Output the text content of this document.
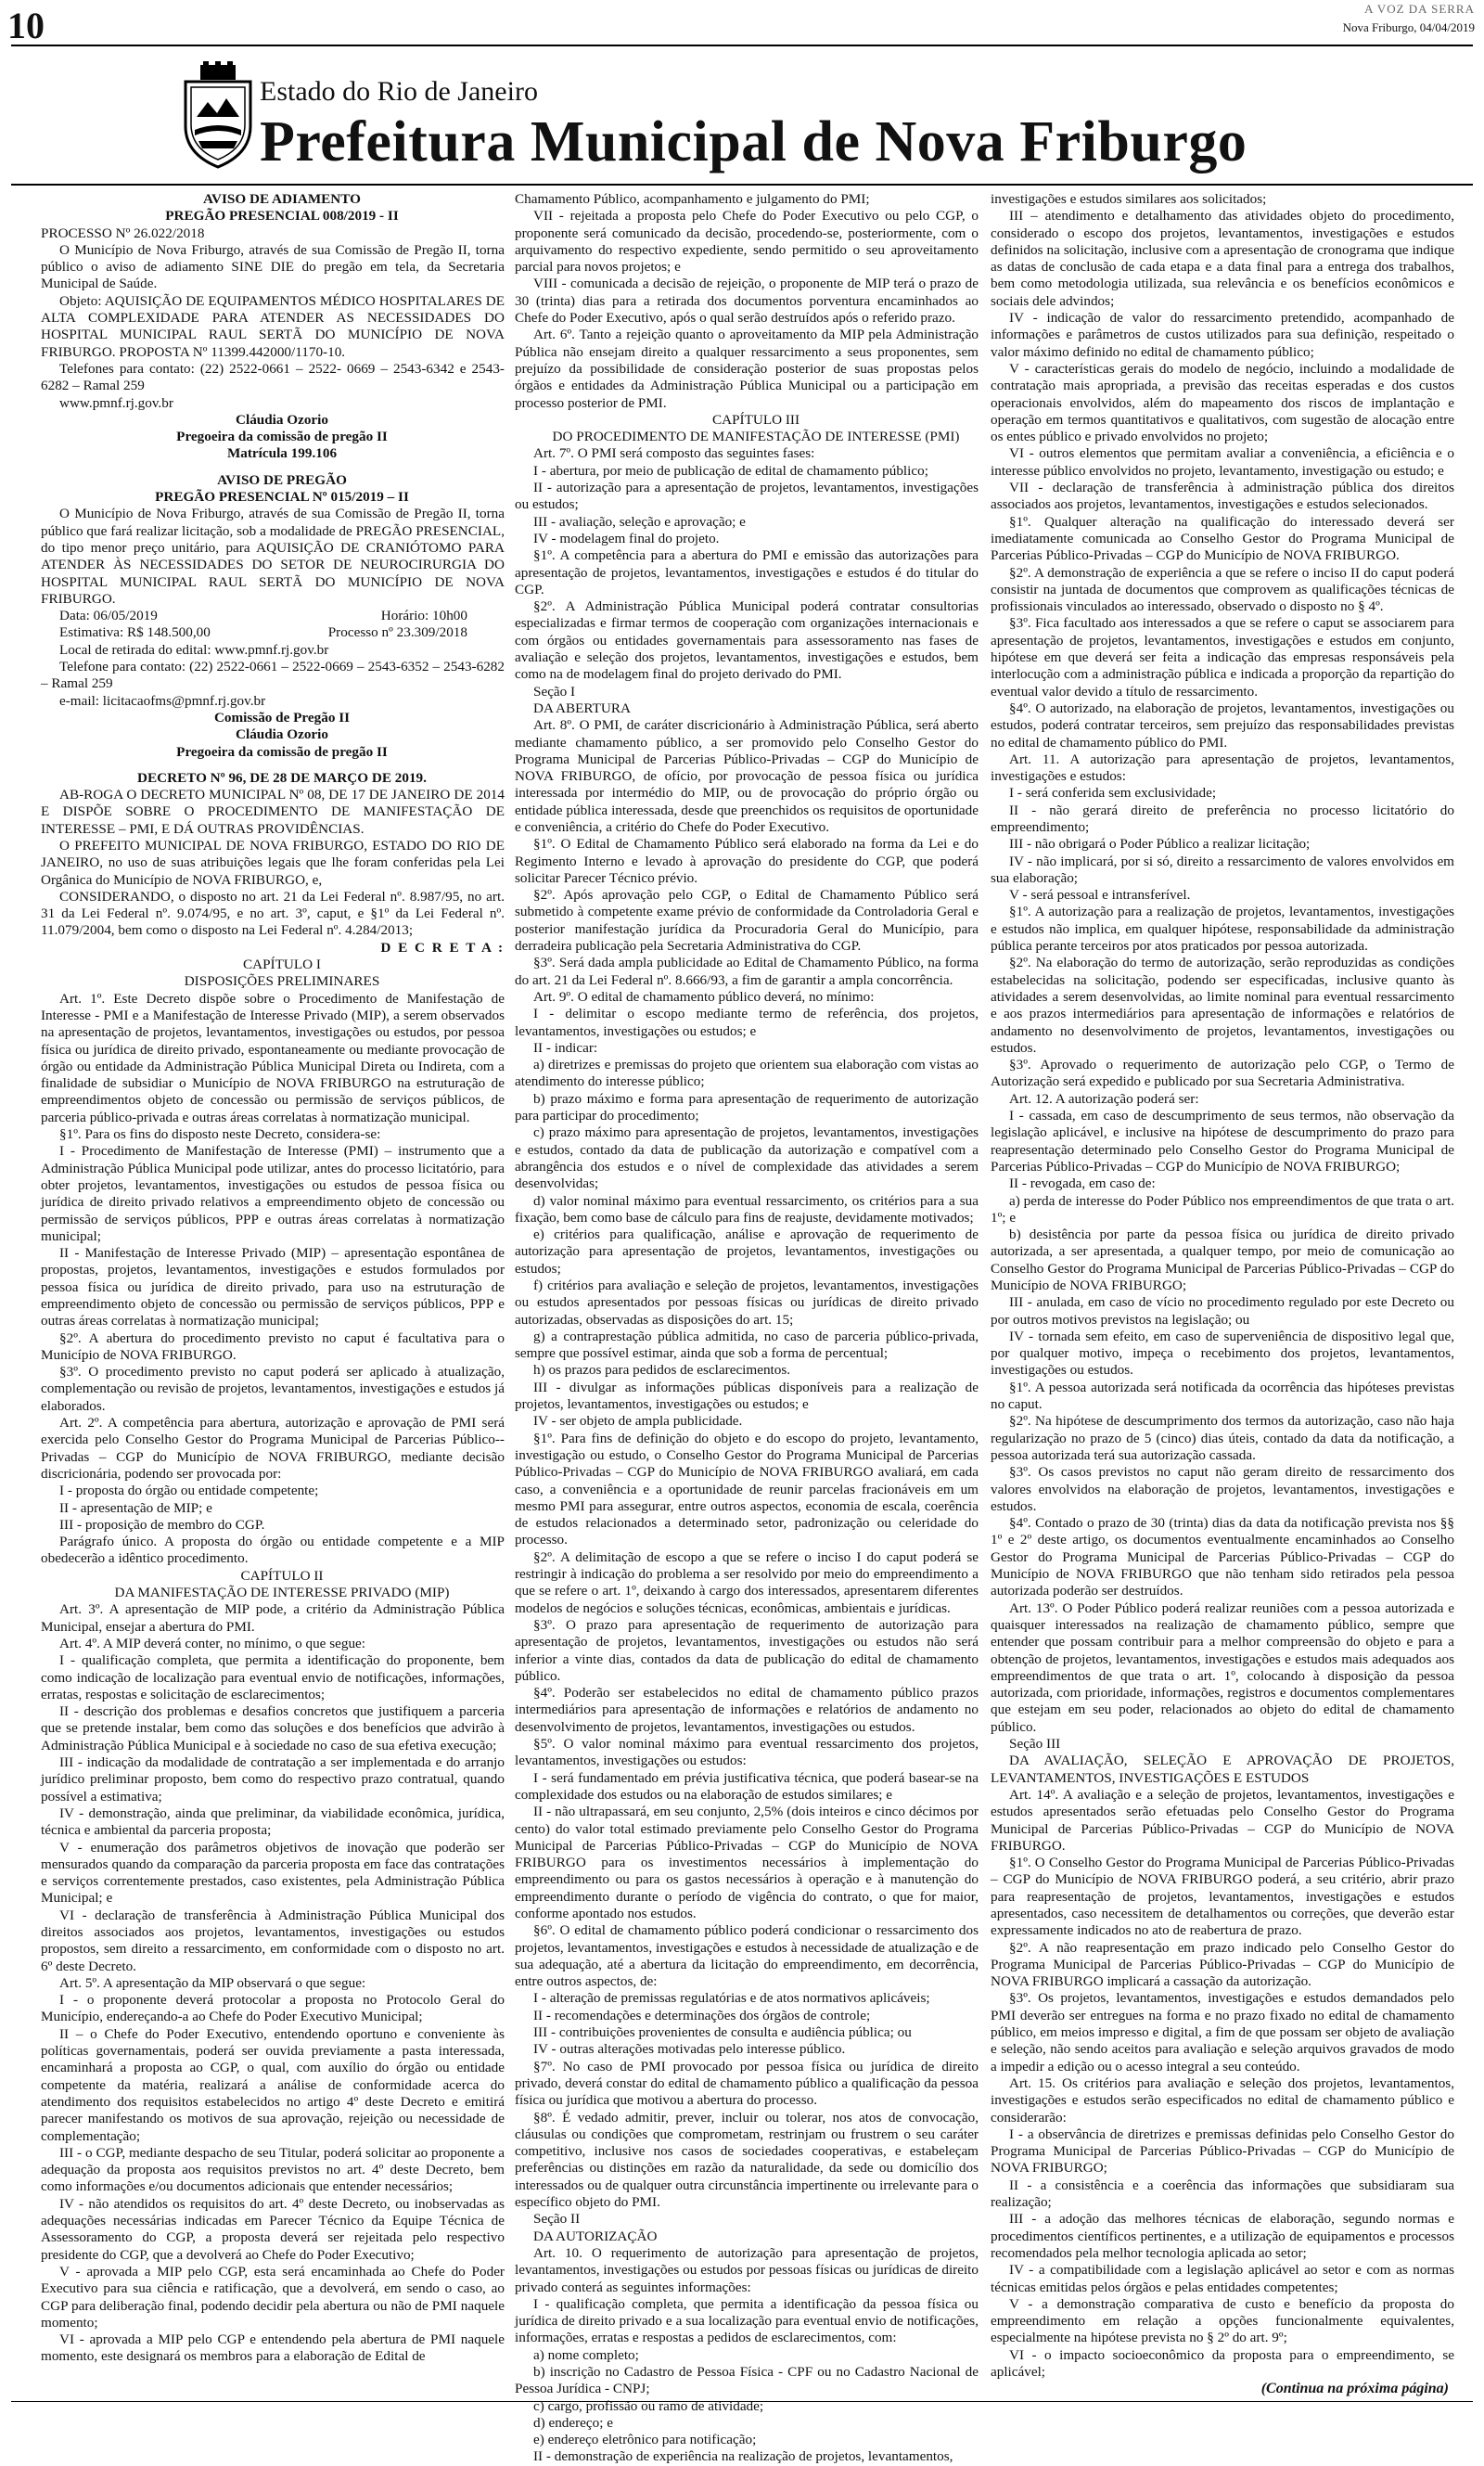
10	A VOZ DA SERRA
Nova Friburgo, 04/04/2019
Estado do Rio de Janeiro
Prefeitura Municipal de Nova Friburgo

AVISO DE ADIAMENTO

PREGÃO PRESENCIAL 008/2019 - II

PROCESSO Nº 26.022/2018

O Município de Nova Friburgo, através de sua Comissão de Pregão II, torna público o aviso de adiamento SINE DIE do pregão em tela, da Secretaria Municipal de Saúde.

Objeto: AQUISIÇÃO DE EQUIPAMENTOS MÉDICO HOSPITALARES DE ALTA COMPLEXIDADE PARA ATENDER AS NECESSIDADES DO HOSPITAL MUNICIPAL RAUL SERTÃ DO MUNICÍPIO DE NOVA FRIBURGO. PROPOSTA Nº 11399.442000/1170-10.

Telefones para contato: (22) 2522-0661 – 2522- 0669 – 2543-6342 e 2543-6282 – Ramal 259

www.pmnf.rj.gov.br

Cláudia Ozorio

Pregoeira da comissão de pregão II

Matrícula 199.106

AVISO DE PREGÃO

PREGÃO PRESENCIAL Nº 015/2019 – II

O Município de Nova Friburgo, através de sua Comissão de Pregão II, torna público que fará realizar licitação, sob a modalidade de PREGÃO PRESENCIAL, do tipo menor preço unitário, para AQUISIÇÃO DE CRANIÓTOMO PARA ATENDER ÀS NECESSIDADES DO SETOR DE NEUROCIRURGIA DO HOSPITAL MUNICIPAL RAUL SERTÃ DO MUNICÍPIO DE NOVA FRIBURGO.

Data: 06/05/2019	Horário: 10h00
Estimativa: R$ 148.500,00	Processo nº 23.309/2018

Local de retirada do edital: www.pmnf.rj.gov.br

Telefone para contato: (22) 2522-0661 – 2522-0669 – 2543-6352 – 2543-6282 – Ramal 259

e-mail: licitacaofms@pmnf.rj.gov.br

Comissão de Pregão II

Cláudia Ozorio

Pregoeira da comissão de pregão II

DECRETO Nº 96, DE 28 DE MARÇO DE 2019.

AB-ROGA O DECRETO MUNICIPAL Nº 08, DE 17 DE JANEIRO DE 2014 E DISPÕE SOBRE O PROCEDIMENTO DE MANIFESTAÇÃO DE INTERESSE – PMI, E DÁ OUTRAS PROVIDÊNCIAS.

O PREFEITO MUNICIPAL DE NOVA FRIBURGO, ESTADO DO RIO DE JANEIRO, no uso de suas atribuições legais que lhe foram conferidas pela Lei Orgânica do Município de NOVA FRIBURGO, e,

CONSIDERANDO, o disposto no art. 21 da Lei Federal nº. 8.987/95, no art. 31 da Lei Federal nº. 9.074/95, e no art. 3º, caput, e §1º da Lei Federal nº. 11.079/2004, bem como o disposto na Lei Federal nº. 4.284/2013;

D E C R E T A :

CAPÍTULO I

DISPOSIÇÕES PRELIMINARES

Art. 1º. Este Decreto dispõe sobre o Procedimento de Manifestação de Interesse - PMI e a Manifestação de Interesse Privado (MIP), a serem observados na apresentação de projetos, levantamentos, investigações ou estudos, por pessoa física ou jurídica de direito privado, espontaneamente ou mediante provocação de órgão ou entidade da Administração Pública Municipal Direta ou Indireta, com a finalidade de subsidiar o Município de NOVA FRIBURGO na estruturação de empreendimentos objeto de concessão ou permissão de serviços públicos, de parceria público-privada e outras áreas correlatas à normatização municipal.

§1º. Para os fins do disposto neste Decreto, considera-se:

I - Procedimento de Manifestação de Interesse (PMI) – instrumento que a Administração Pública Municipal pode utilizar, antes do processo licitatório, para obter projetos, levantamentos, investigações ou estudos de pessoa física ou jurídica de direito privado relativos a empreendimento objeto de concessão ou permissão de serviços públicos, PPP e outras áreas correlatas à normatização municipal;

II - Manifestação de Interesse Privado (MIP) – apresentação espontânea de propostas, projetos, levantamentos, investigações e estudos formulados por pessoa física ou jurídica de direito privado, para uso na estruturação de empreendimento objeto de concessão ou permissão de serviços públicos, PPP e outras áreas correlatas à normatização municipal;

§2º. A abertura do procedimento previsto no caput é facultativa para o Município de NOVA FRIBURGO.

§3º. O procedimento previsto no caput poderá ser aplicado à atualização, complementação ou revisão de projetos, levantamentos, investigações e estudos já elaborados.

Art. 2º. A competência para abertura, autorização e aprovação de PMI será exercida pelo Conselho Gestor do Programa Municipal de Parcerias Público--Privadas – CGP do Município de NOVA FRIBURGO, mediante decisão discricionária, podendo ser provocada por:

I - proposta do órgão ou entidade competente;

II - apresentação de MIP; e

III - proposição de membro do CGP.

Parágrafo único. A proposta do órgão ou entidade competente e a MIP obedecerão a idêntico procedimento.

CAPÍTULO II

DA MANIFESTAÇÃO DE INTERESSE PRIVADO (MIP)

Art. 3º. A apresentação de MIP pode, a critério da Administração Pública Municipal, ensejar a abertura do PMI.

Art. 4º. A MIP deverá conter, no mínimo, o que segue:

I - qualificação completa, que permita a identificação do proponente, bem como indicação de localização para eventual envio de notificações, informações, erratas, respostas e solicitação de esclarecimentos;

II - descrição dos problemas e desafios concretos que justifiquem a parceria que se pretende instalar, bem como das soluções e dos benefícios que advirão à Administração Pública Municipal e à sociedade no caso de sua efetiva execução;

III - indicação da modalidade de contratação a ser implementada e do arranjo jurídico preliminar proposto, bem como do respectivo prazo contratual, quando possível a estimativa;

IV - demonstração, ainda que preliminar, da viabilidade econômica, jurídica, técnica e ambiental da parceria proposta;

V - enumeração dos parâmetros objetivos de inovação que poderão ser mensurados quando da comparação da parceria proposta em face das contratações e serviços correntemente prestados, caso existentes, pela Administração Pública Municipal; e

VI - declaração de transferência à Administração Pública Municipal dos direitos associados aos projetos, levantamentos, investigações ou estudos propostos, sem direito a ressarcimento, em conformidade com o disposto no art. 6º deste Decreto.

Art. 5º. A apresentação da MIP observará o que segue:

I - o proponente deverá protocolar a proposta no Protocolo Geral do Município, endereçando-a ao Chefe do Poder Executivo Municipal;

II – o Chefe do Poder Executivo, entendendo oportuno e conveniente às políticas governamentais, poderá ser ouvida previamente a pasta interessada, encaminhará a proposta ao CGP, o qual, com auxílio do órgão ou entidade competente da matéria, realizará a análise de conformidade acerca do atendimento dos requisitos estabelecidos no artigo 4º deste Decreto e emitirá parecer manifestando os motivos de sua aprovação, rejeição ou necessidade de complementação;

III - o CGP, mediante despacho de seu Titular, poderá solicitar ao proponente a adequação da proposta aos requisitos previstos no art. 4º deste Decreto, bem como informações e/ou documentos adicionais que entender necessários;

IV - não atendidos os requisitos do art. 4º deste Decreto, ou inobservadas as adequações necessárias indicadas em Parecer Técnico da Equipe Técnica de Assessoramento do CGP, a proposta deverá ser rejeitada pelo respectivo presidente do CGP, que a devolverá ao Chefe do Poder Executivo;

V - aprovada a MIP pelo CGP, esta será encaminhada ao Chefe do Poder Executivo para sua ciência e ratificação, que a devolverá, em sendo o caso, ao CGP para deliberação final, podendo decidir pela abertura ou não de PMI naquele momento;

VI - aprovada a MIP pelo CGP e entendendo pela abertura de PMI naquele momento, este designará os membros para a elaboração de Edital de

Chamamento Público, acompanhamento e julgamento do PMI;

VII - rejeitada a proposta pelo Chefe do Poder Executivo ou pelo CGP, o proponente será comunicado da decisão, procedendo-se, posteriormente, com o arquivamento do respectivo expediente, sendo permitido o seu aproveitamento parcial para novos projetos; e

VIII - comunicada a decisão de rejeição, o proponente de MIP terá o prazo de 30 (trinta) dias para a retirada dos documentos porventura encaminhados ao Chefe do Poder Executivo, após o qual serão destruídos após o referido prazo.

Art. 6º. Tanto a rejeição quanto o aproveitamento da MIP pela Administração Pública não ensejam direito a qualquer ressarcimento a seus proponentes, sem prejuízo da possibilidade de consideração posterior de suas propostas pelos órgãos e entidades da Administração Pública Municipal ou a participação em processo posterior de PMI.

CAPÍTULO III

DO PROCEDIMENTO DE MANIFESTAÇÃO DE INTERESSE (PMI)

Art. 7º. O PMI será composto das seguintes fases:

I - abertura, por meio de publicação de edital de chamamento público;

II - autorização para a apresentação de projetos, levantamentos, investigações ou estudos;

III - avaliação, seleção e aprovação; e

IV - modelagem final do projeto.

§1º. A competência para a abertura do PMI e emissão das autorizações para apresentação de projetos, levantamentos, investigações e estudos é do titular do CGP.

§2º. A Administração Pública Municipal poderá contratar consultorias especializadas e firmar termos de cooperação com organizações internacionais e com órgãos ou entidades governamentais para assessoramento nas fases de avaliação e seleção dos projetos, levantamentos, investigações e estudos, bem como na de modelagem final do projeto derivado do PMI.

Seção I

DA ABERTURA

Art. 8º. O PMI, de caráter discricionário à Administração Pública, será aberto mediante chamamento público, a ser promovido pelo Conselho Gestor do Programa Municipal de Parcerias Público-Privadas – CGP do Município de NOVA FRIBURGO, de ofício, por provocação de pessoa física ou jurídica interessada por intermédio do MIP, ou de provocação do próprio órgão ou entidade pública interessada, desde que preenchidos os requisitos de oportunidade e conveniência, a critério do Chefe do Poder Executivo.

§1º. O Edital de Chamamento Público será elaborado na forma da Lei e do Regimento Interno e levado à aprovação do presidente do CGP, que poderá solicitar Parecer Técnico prévio.

§2º. Após aprovação pelo CGP, o Edital de Chamamento Público será submetido à competente exame prévio de conformidade da Controladoria Geral e posterior manifestação jurídica da Procuradoria Geral do Município, para derradeira publicação pela Secretaria Administrativa do CGP.

§3º. Será dada ampla publicidade ao Edital de Chamamento Público, na forma do art. 21 da Lei Federal nº. 8.666/93, a fim de garantir a ampla concorrência.

Art. 9º. O edital de chamamento público deverá, no mínimo:

I - delimitar o escopo mediante termo de referência, dos projetos, levantamentos, investigações ou estudos; e

II - indicar:

a) diretrizes e premissas do projeto que orientem sua elaboração com vistas ao atendimento do interesse público;

b) prazo máximo e forma para apresentação de requerimento de autorização para participar do procedimento;

c) prazo máximo para apresentação de projetos, levantamentos, investigações e estudos, contado da data de publicação da autorização e compatível com a abrangência dos estudos e o nível de complexidade das atividades a serem desenvolvidas;

d) valor nominal máximo para eventual ressarcimento, os critérios para a sua fixação, bem como base de cálculo para fins de reajuste, devidamente motivados;

e) critérios para qualificação, análise e aprovação de requerimento de autorização para apresentação de projetos, levantamentos, investigações ou estudos;

f) critérios para avaliação e seleção de projetos, levantamentos, investigações ou estudos apresentados por pessoas físicas ou jurídicas de direito privado autorizadas, observadas as disposições do art. 15;

g) a contraprestação pública admitida, no caso de parceria público-privada, sempre que possível estimar, ainda que sob a forma de percentual;

h) os prazos para pedidos de esclarecimentos.

III - divulgar as informações públicas disponíveis para a realização de projetos, levantamentos, investigações ou estudos; e

IV - ser objeto de ampla publicidade.

§1º. Para fins de definição do objeto e do escopo do projeto, levantamento, investigação ou estudo, o Conselho Gestor do Programa Municipal de Parcerias Público-Privadas – CGP do Município de NOVA FRIBURGO avaliará, em cada caso, a conveniência e a oportunidade de reunir parcelas fracionáveis em um mesmo PMI para assegurar, entre outros aspectos, economia de escala, coerência de estudos relacionados a determinado setor, padronização ou celeridade do processo.

§2º. A delimitação de escopo a que se refere o inciso I do caput poderá se restringir à indicação do problema a ser resolvido por meio do empreendimento a que se refere o art. 1º, deixando à cargo dos interessados, apresentarem diferentes modelos de negócios e soluções técnicas, econômicas, ambientais e jurídicas.

§3º. O prazo para apresentação de requerimento de autorização para apresentação de projetos, levantamentos, investigações ou estudos não será inferior a vinte dias, contados da data de publicação do edital de chamamento público.

§4º. Poderão ser estabelecidos no edital de chamamento público prazos intermediários para apresentação de informações e relatórios de andamento no desenvolvimento de projetos, levantamentos, investigações ou estudos.

§5º. O valor nominal máximo para eventual ressarcimento dos projetos, levantamentos, investigações ou estudos:

I - será fundamentado em prévia justificativa técnica, que poderá basear-se na complexidade dos estudos ou na elaboração de estudos similares; e

II - não ultrapassará, em seu conjunto, 2,5% (dois inteiros e cinco décimos por cento) do valor total estimado previamente pelo Conselho Gestor do Programa Municipal de Parcerias Público-Privadas – CGP do Município de NOVA FRIBURGO para os investimentos necessários à implementação do empreendimento ou para os gastos necessários à operação e à manutenção do empreendimento durante o período de vigência do contrato, o que for maior, conforme apontado nos estudos.

§6º. O edital de chamamento público poderá condicionar o ressarcimento dos projetos, levantamentos, investigações e estudos à necessidade de atualização e de sua adequação, até a abertura da licitação do empreendimento, em decorrência, entre outros aspectos, de:

I - alteração de premissas regulatórias e de atos normativos aplicáveis;

II - recomendações e determinações dos órgãos de controle;

III - contribuições provenientes de consulta e audiência pública; ou

IV - outras alterações motivadas pelo interesse público.

§7º. No caso de PMI provocado por pessoa física ou jurídica de direito privado, deverá constar do edital de chamamento público a qualificação da pessoa física ou jurídica que motivou a abertura do processo.

§8º. É vedado admitir, prever, incluir ou tolerar, nos atos de convocação, cláusulas ou condições que comprometam, restrinjam ou frustrem o seu caráter competitivo, inclusive nos casos de sociedades cooperativas, e estabeleçam preferências ou distinções em razão da naturalidade, da sede ou domicílio dos interessados ou de qualquer outra circunstância impertinente ou irrelevante para o específico objeto do PMI.

Seção II

DA AUTORIZAÇÃO

Art. 10. O requerimento de autorização para apresentação de projetos, levantamentos, investigações ou estudos por pessoas físicas ou jurídicas de direito privado conterá as seguintes informações:

I - qualificação completa, que permita a identificação da pessoa física ou jurídica de direito privado e a sua localização para eventual envio de notificações, informações, erratas e respostas a pedidos de esclarecimentos, com:

a) nome completo;

b) inscrição no Cadastro de Pessoa Física - CPF ou no Cadastro Nacional de Pessoa Jurídica - CNPJ;

c) cargo, profissão ou ramo de atividade;

d) endereço; e

e) endereço eletrônico para notificação;

II - demonstração de experiência na realização de projetos, levantamentos,

investigações e estudos similares aos solicitados;

III – atendimento e detalhamento das atividades objeto do procedimento, considerado o escopo dos projetos, levantamentos, investigações e estudos definidos na solicitação, inclusive com a apresentação de cronograma que indique as datas de conclusão de cada etapa e a data final para a entrega dos trabalhos, bem como metodologia utilizada, sua relevância e os benefícios econômicos e sociais dele advindos;

IV - indicação de valor do ressarcimento pretendido, acompanhado de informações e parâmetros de custos utilizados para sua definição, respeitado o valor máximo definido no edital de chamamento público;

V - características gerais do modelo de negócio, incluindo a modalidade de contratação mais apropriada, a previsão das receitas esperadas e dos custos operacionais envolvidos, além do mapeamento dos riscos de implantação e operação em termos quantitativos e qualitativos, com sugestão de alocação entre os entes público e privado envolvidos no projeto;

VI - outros elementos que permitam avaliar a conveniência, a eficiência e o interesse público envolvidos no projeto, levantamento, investigação ou estudo; e

VII - declaração de transferência à administração pública dos direitos associados aos projetos, levantamentos, investigações e estudos selecionados.

§1º. Qualquer alteração na qualificação do interessado deverá ser imediatamente comunicada ao Conselho Gestor do Programa Municipal de Parcerias Público-Privadas – CGP do Município de NOVA FRIBURGO.

§2º. A demonstração de experiência a que se refere o inciso II do caput poderá consistir na juntada de documentos que comprovem as qualificações técnicas de profissionais vinculados ao interessado, observado o disposto no § 4º.

§3º. Fica facultado aos interessados a que se refere o caput se associarem para apresentação de projetos, levantamentos, investigações e estudos em conjunto, hipótese em que deverá ser feita a indicação das empresas responsáveis pela interlocução com a administração pública e indicada a proporção da repartição do eventual valor devido a título de ressarcimento.

§4º. O autorizado, na elaboração de projetos, levantamentos, investigações ou estudos, poderá contratar terceiros, sem prejuízo das responsabilidades previstas no edital de chamamento público do PMI.

Art. 11. A autorização para apresentação de projetos, levantamentos, investigações e estudos:

I - será conferida sem exclusividade;

II - não gerará direito de preferência no processo licitatório do empreendimento;

III - não obrigará o Poder Público a realizar licitação;

IV - não implicará, por si só, direito a ressarcimento de valores envolvidos em sua elaboração;

V - será pessoal e intransferível.

§1º. A autorização para a realização de projetos, levantamentos, investigações e estudos não implica, em qualquer hipótese, responsabilidade da administração pública perante terceiros por atos praticados por pessoa autorizada.

§2º. Na elaboração do termo de autorização, serão reproduzidas as condições estabelecidas na solicitação, podendo ser especificadas, inclusive quanto às atividades a serem desenvolvidas, ao limite nominal para eventual ressarcimento e aos prazos intermediários para apresentação de informações e relatórios de andamento no desenvolvimento de projetos, levantamentos, investigações ou estudos.

§3º. Aprovado o requerimento de autorização pelo CGP, o Termo de Autorização será expedido e publicado por sua Secretaria Administrativa.

Art. 12. A autorização poderá ser:

I - cassada, em caso de descumprimento de seus termos, não observação da legislação aplicável, e inclusive na hipótese de descumprimento do prazo para reapresentação determinado pelo Conselho Gestor do Programa Municipal de Parcerias Público-Privadas – CGP do Município de NOVA FRIBURGO;

II - revogada, em caso de:

a) perda de interesse do Poder Público nos empreendimentos de que trata o art. 1º; e

b) desistência por parte da pessoa física ou jurídica de direito privado autorizada, a ser apresentada, a qualquer tempo, por meio de comunicação ao Conselho Gestor do Programa Municipal de Parcerias Público-Privadas – CGP do Município de NOVA FRIBURGO;

III - anulada, em caso de vício no procedimento regulado por este Decreto ou por outros motivos previstos na legislação; ou

IV - tornada sem efeito, em caso de superveniência de dispositivo legal que, por qualquer motivo, impeça o recebimento dos projetos, levantamentos, investigações ou estudos.

§1º. A pessoa autorizada será notificada da ocorrência das hipóteses previstas no caput.

§2º. Na hipótese de descumprimento dos termos da autorização, caso não haja regularização no prazo de 5 (cinco) dias úteis, contado da data da notificação, a pessoa autorizada terá sua autorização cassada.

§3º. Os casos previstos no caput não geram direito de ressarcimento dos valores envolvidos na elaboração de projetos, levantamentos, investigações e estudos.

§4º. Contado o prazo de 30 (trinta) dias da data da notificação prevista nos §§ 1º e 2º deste artigo, os documentos eventualmente encaminhados ao Conselho Gestor do Programa Municipal de Parcerias Público-Privadas – CGP do Município de NOVA FRIBURGO que não tenham sido retirados pela pessoa autorizada poderão ser destruídos.

Art. 13º. O Poder Público poderá realizar reuniões com a pessoa autorizada e quaisquer interessados na realização de chamamento público, sempre que entender que possam contribuir para a melhor compreensão do objeto e para a obtenção de projetos, levantamentos, investigações e estudos mais adequados aos empreendimentos de que trata o art. 1º, colocando à disposição da pessoa autorizada, com prioridade, informações, registros e documentos complementares que estejam em seu poder, relacionados ao objeto do edital de chamamento público.

Seção III

DA AVALIAÇÃO, SELEÇÃO E APROVAÇÃO DE PROJETOS, LEVANTAMENTOS, INVESTIGAÇÕES E ESTUDOS

Art. 14º. A avaliação e a seleção de projetos, levantamentos, investigações e estudos apresentados serão efetuadas pelo Conselho Gestor do Programa Municipal de Parcerias Público-Privadas – CGP do Município de NOVA FRIBURGO.

§1º. O Conselho Gestor do Programa Municipal de Parcerias Público-Privadas – CGP do Município de NOVA FRIBURGO poderá, a seu critério, abrir prazo para reapresentação de projetos, levantamentos, investigações e estudos apresentados, caso necessitem de detalhamentos ou correções, que deverão estar expressamente indicados no ato de reabertura de prazo.

§2º. A não reapresentação em prazo indicado pelo Conselho Gestor do Programa Municipal de Parcerias Público-Privadas – CGP do Município de NOVA FRIBURGO implicará a cassação da autorização.

§3º. Os projetos, levantamentos, investigações e estudos demandados pelo PMI deverão ser entregues na forma e no prazo fixado no edital de chamamento público, em meios impresso e digital, a fim de que possam ser objeto de avaliação e seleção, não sendo aceitos para avaliação e seleção arquivos gravados de modo a impedir a edição ou o acesso integral a seu conteúdo.

Art. 15. Os critérios para avaliação e seleção dos projetos, levantamentos, investigações e estudos serão especificados no edital de chamamento público e considerarão:

I - a observância de diretrizes e premissas definidas pelo Conselho Gestor do Programa Municipal de Parcerias Público-Privadas – CGP do Município de NOVA FRIBURGO;

II - a consistência e a coerência das informações que subsidiaram sua realização;

III - a adoção das melhores técnicas de elaboração, segundo normas e procedimentos científicos pertinentes, e a utilização de equipamentos e processos recomendados pela melhor tecnologia aplicada ao setor;

IV - a compatibilidade com a legislação aplicável ao setor e com as normas técnicas emitidas pelos órgãos e pelas entidades competentes;

V - a demonstração comparativa de custo e benefício da proposta do empreendimento em relação a opções funcionalmente equivalentes, especialmente na hipótese prevista no § 2º do art. 9º;

VI - o impacto socioeconômico da proposta para o empreendimento, se aplicável;

(Continua na próxima página)
